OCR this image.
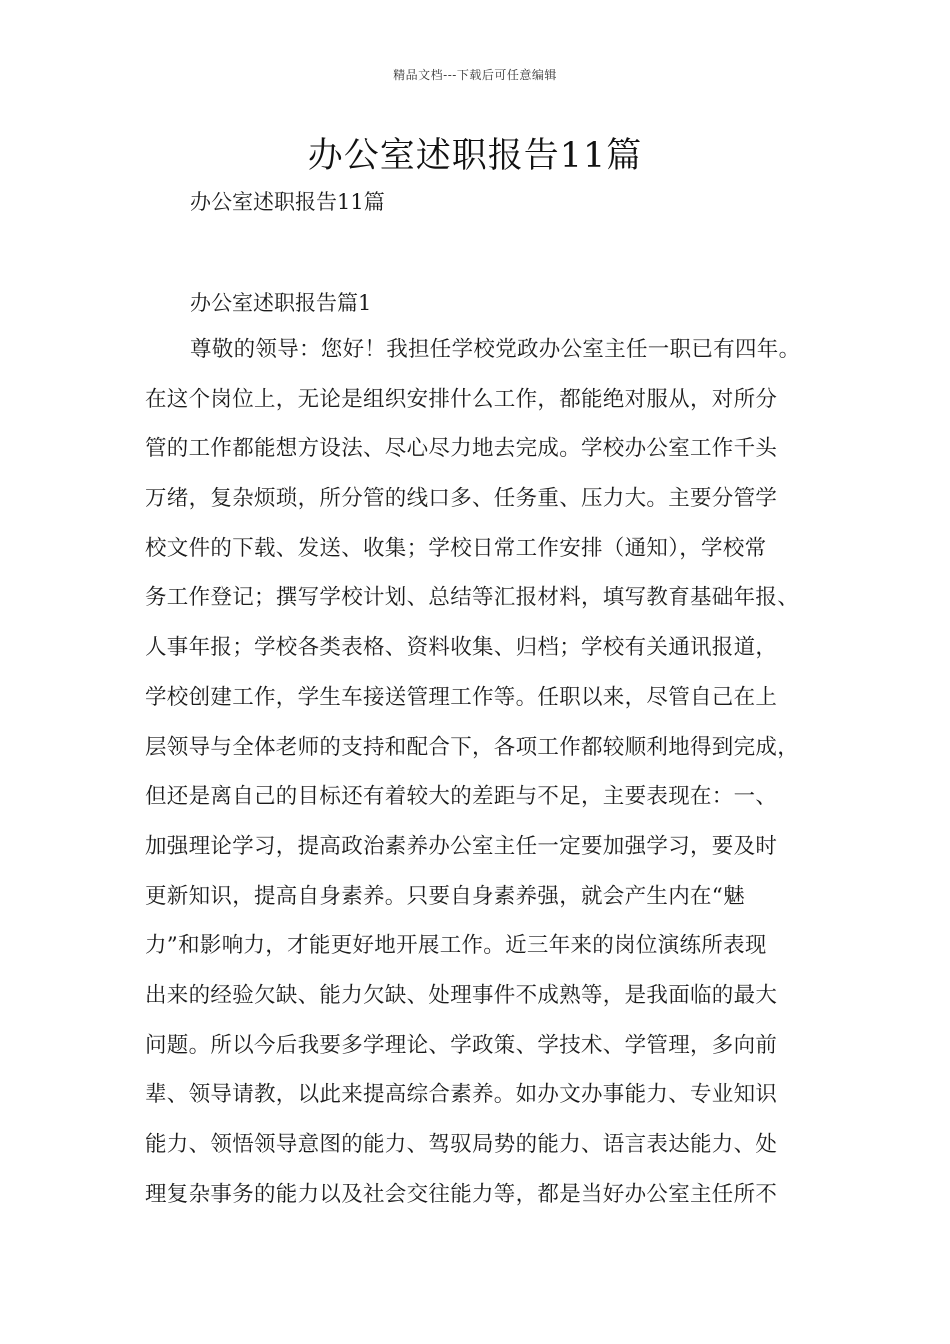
精品文档---下载后可任意编辑
办公室述职报告11篇

办公室述职报告11篇

办公室述职报告篇1

尊敬的领导：您好！我担任学校党政办公室主任一职已有四年。
在这个岗位上，无论是组织安排什么工作，都能绝对服从，对所分
管的工作都能想方设法、尽心尽力地去完成。学校办公室工作千头
万绪，复杂烦琐，所分管的线口多、任务重、压力大。主要分管学
校文件的下载、发送、收集；学校日常工作安排（通知），学校常
务工作登记；撰写学校计划、总结等汇报材料，填写教育基础年报、
人事年报；学校各类表格、资料收集、归档；学校有关通讯报道，
学校创建工作，学生车接送管理工作等。任职以来，尽管自己在上
层领导与全体老师的支持和配合下，各项工作都较顺利地得到完成，
但还是离自己的目标还有着较大的差距与不足，主要表现在：一、
加强理论学习，提高政治素养办公室主任一定要加强学习，要及时
更新知识，提高自身素养。只要自身素养强，就会产生内在“魅
力”和影响力，才能更好地开展工作。近三年来的岗位演练所表现
出来的经验欠缺、能力欠缺、处理事件不成熟等，是我面临的最大
问题。所以今后我要多学理论、学政策、学技术、学管理，多向前
辈、领导请教，以此来提高综合素养。如办文办事能力、专业知识
能力、领悟领导意图的能力、驾驭局势的能力、语言表达能力、处
理复杂事务的能力以及社会交往能力等，都是当好办公室主任所不
